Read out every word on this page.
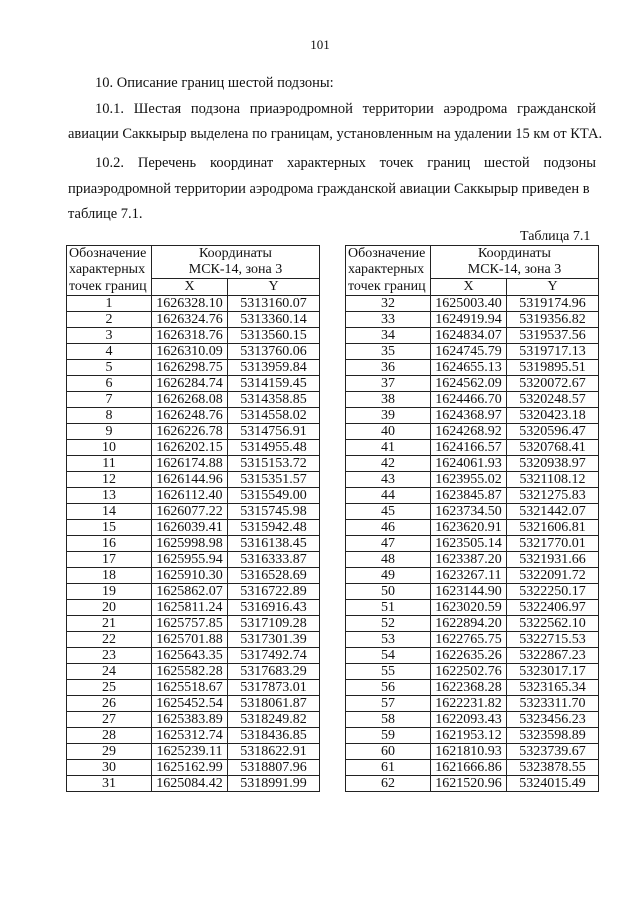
101
10. Описание границ шестой подзоны:
10.1. Шестая подзона приаэродромной территории аэродрома гражданской
авиации Саккырыр выделена по границам, установленным на удалении 15 км от КТА.
10.2. Перечень координат характерных точек границ шестой подзоны
приаэродромной территории аэродрома гражданской авиации Саккырыр приведен в
таблице 7.1.
Таблица 7.1
Обозначение	Координаты	
характерных	МСК-14, зона 3	
точек границ	X	Y
1	1626328.10	5313160.07
2	1626324.76	5313360.14
3	1626318.76	5313560.15
4	1626310.09	5313760.06
5	1626298.75	5313959.84
6	1626284.74	5314159.45
7	1626268.08	5314358.85
8	1626248.76	5314558.02
9	1626226.78	5314756.91
10	1626202.15	5314955.48
11	1626174.88	5315153.72
12	1626144.96	5315351.57
13	1626112.40	5315549.00
14	1626077.22	5315745.98
15	1626039.41	5315942.48
16	1625998.98	5316138.45
17	1625955.94	5316333.87
18	1625910.30	5316528.69
19	1625862.07	5316722.89
20	1625811.24	5316916.43
21	1625757.85	5317109.28
22	1625701.88	5317301.39
23	1625643.35	5317492.74
24	1625582.28	5317683.29
25	1625518.67	5317873.01
26	1625452.54	5318061.87
27	1625383.89	5318249.82
28	1625312.74	5318436.85
29	1625239.11	5318622.91
30	1625162.99	5318807.96
31	1625084.42	5318991.99
Обозначение	Координаты	
характерных	МСК-14, зона 3	
точек границ	X	Y
32	1625003.40	5319174.96
33	1624919.94	5319356.82
34	1624834.07	5319537.56
35	1624745.79	5319717.13
36	1624655.13	5319895.51
37	1624562.09	5320072.67
38	1624466.70	5320248.57
39	1624368.97	5320423.18
40	1624268.92	5320596.47
41	1624166.57	5320768.41
42	1624061.93	5320938.97
43	1623955.02	5321108.12
44	1623845.87	5321275.83
45	1623734.50	5321442.07
46	1623620.91	5321606.81
47	1623505.14	5321770.01
48	1623387.20	5321931.66
49	1623267.11	5322091.72
50	1623144.90	5322250.17
51	1623020.59	5322406.97
52	1622894.20	5322562.10
53	1622765.75	5322715.53
54	1622635.26	5322867.23
55	1622502.76	5323017.17
56	1622368.28	5323165.34
57	1622231.82	5323311.70
58	1622093.43	5323456.23
59	1621953.12	5323598.89
60	1621810.93	5323739.67
61	1621666.86	5323878.55
62	1621520.96	5324015.49
